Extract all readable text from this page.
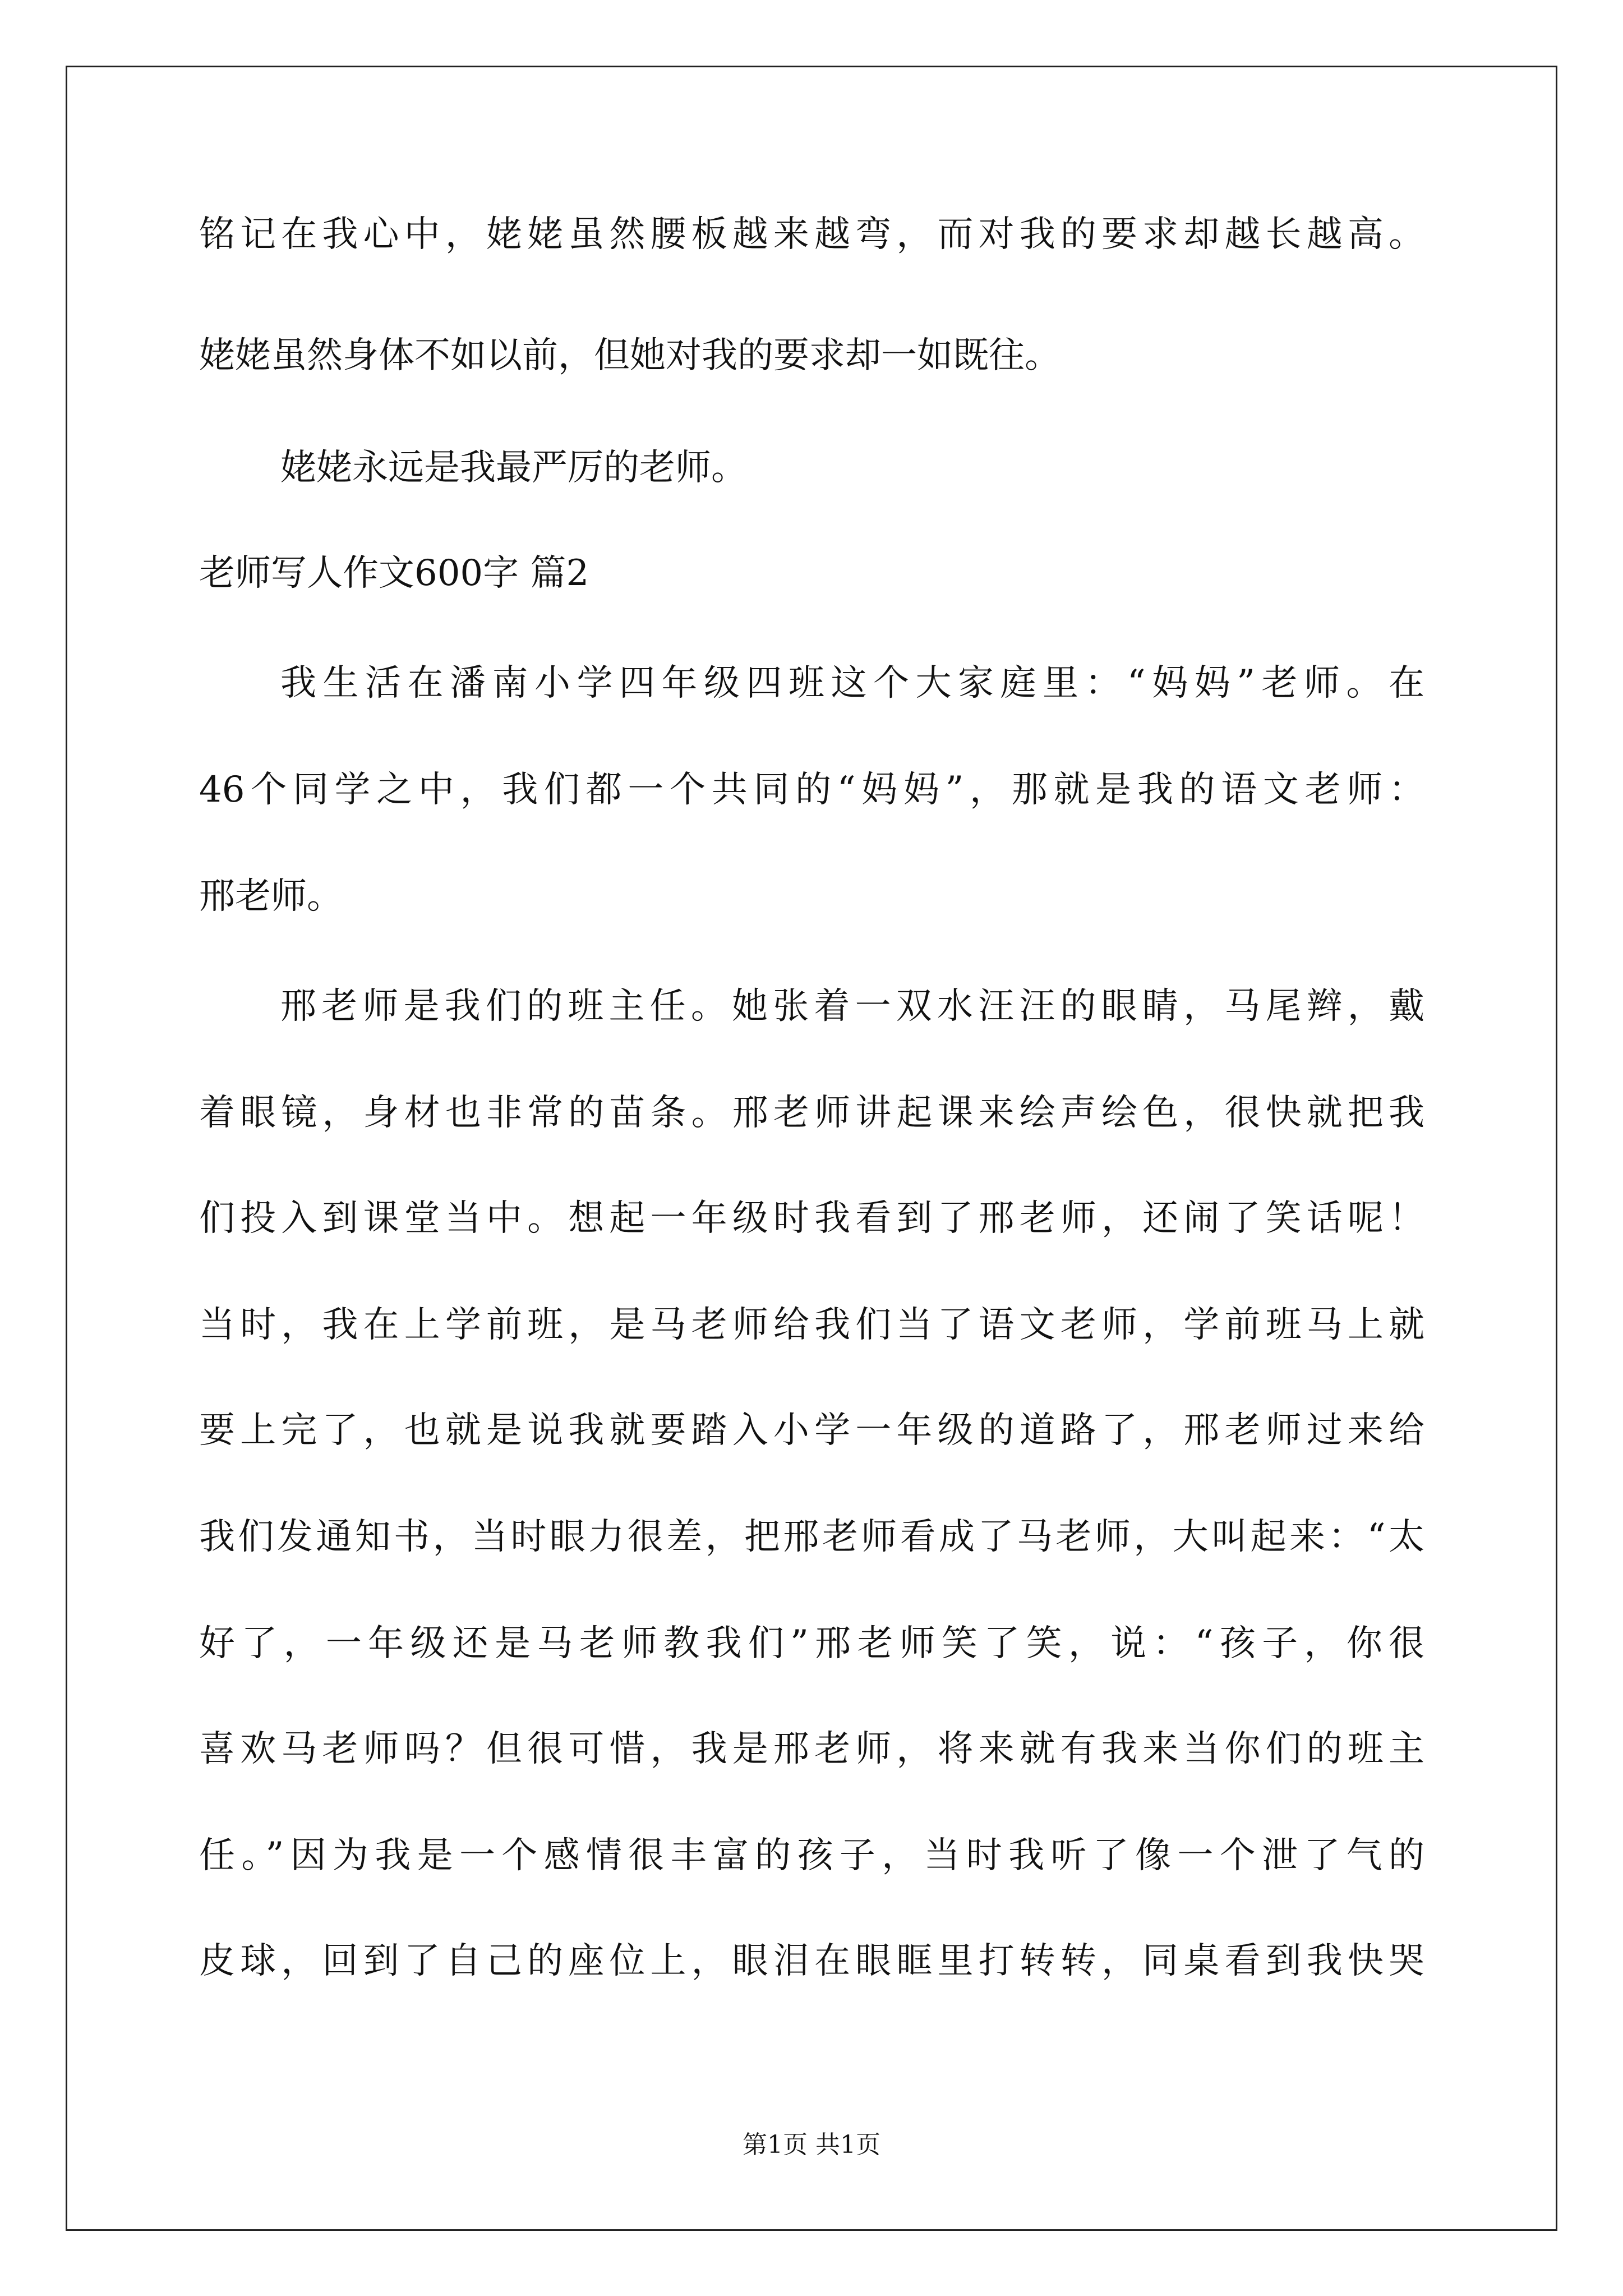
铭记在我心中，姥姥虽然腰板越来越弯，而对我的要求却越长越高。
姥姥虽然身体不如以前，但她对我的要求却一如既往。
姥姥永远是我最严厉的老师。
老师写人作文600字 篇2
我生活在潘南小学四年级四班这个大家庭里：“妈妈”老师。在
46个同学之中，我们都一个共同的“妈妈”，那就是我的语文老师：
邢老师。
邢老师是我们的班主任。她张着一双水汪汪的眼睛，马尾辫，戴
着眼镜，身材也非常的苗条。邢老师讲起课来绘声绘色，很快就把我
们投入到课堂当中。想起一年级时我看到了邢老师，还闹了笑话呢！
当时，我在上学前班，是马老师给我们当了语文老师，学前班马上就
要上完了，也就是说我就要踏入小学一年级的道路了，邢老师过来给
我们发通知书，当时眼力很差，把邢老师看成了马老师，大叫起来：“太
好了，一年级还是马老师教我们”邢老师笑了笑，说：“孩子，你很
喜欢马老师吗？但很可惜，我是邢老师，将来就有我来当你们的班主
任。”因为我是一个感情很丰富的孩子，当时我听了像一个泄了气的
皮球，回到了自己的座位上，眼泪在眼眶里打转转，同桌看到我快哭
第1页 共1页
